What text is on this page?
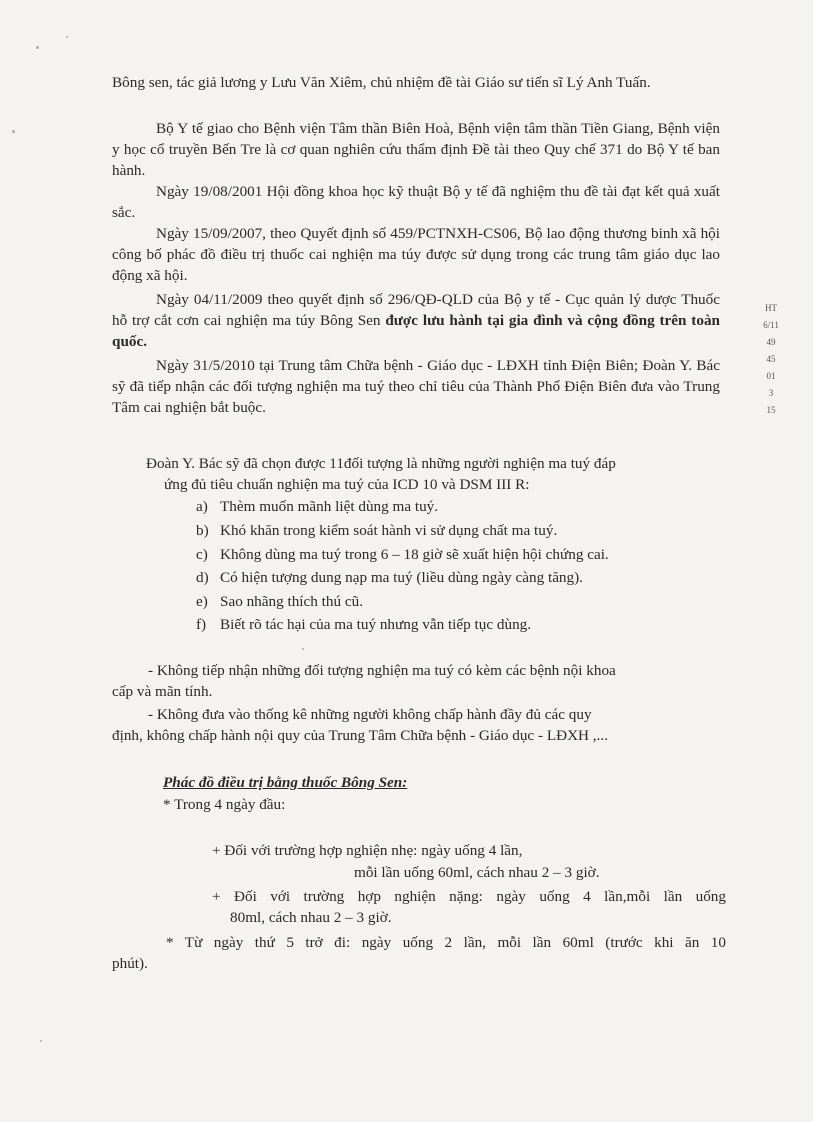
Bông sen, tác giả lương y Lưu Văn Xiêm, chủ nhiệm đề tài Giáo sư tiến sĩ Lý Anh Tuấn.

Bộ Y tế giao cho Bệnh viện Tâm thần Biên Hoà, Bệnh viện tâm thần Tiền Giang, Bệnh viện y học cổ truyền Bến Tre là cơ quan nghiên cứu thẩm định Đề tài theo Quy chế 371 do Bộ Y tế ban hành.

Ngày 19/08/2001 Hội đồng khoa học kỹ thuật Bộ y tế đã nghiệm thu đề tài đạt kết quả xuất sắc.

Ngày 15/09/2007, theo Quyết định số 459/PCTNXH-CS06, Bộ lao động thương binh xã hội công bố phác đồ điều trị thuốc cai nghiện ma túy được sử dụng trong các trung tâm giáo dục lao động xã hội.

Ngày 04/11/2009 theo quyết định số 296/QĐ-QLD của Bộ y tế - Cục quản lý dược Thuốc hỗ trợ cắt cơn cai nghiện ma túy Bông Sen được lưu hành tại gia đình và cộng đồng trên toàn quốc.

Ngày 31/5/2010 tại Trung tâm Chữa bệnh - Giáo dục - LĐXH tỉnh Điện Biên; Đoàn Y. Bác sỹ đã tiếp nhận các đối tượng nghiện ma tuý theo chỉ tiêu của Thành Phố Điện Biên đưa vào Trung Tâm cai nghiện bắt buộc.

Đoàn Y. Bác sỹ đã chọn được 11đối tượng là những người nghiện ma tuý đáp

ứng đủ tiêu chuẩn nghiện ma tuý của ICD 10 và DSM III R:

a) Thèm muốn mãnh liệt dùng ma tuý.

b) Khó khăn trong kiểm soát hành vi sử dụng chất ma tuý.

c) Không dùng ma tuý trong 6 – 18 giờ sẽ xuất hiện hội chứng cai.

d) Có hiện tượng dung nạp ma tuý (liều dùng ngày càng tăng).

e) Sao nhãng thích thú cũ.

f) Biết rõ tác hại của ma tuý nhưng vẫn tiếp tục dùng.

- Không tiếp nhận những đối tượng nghiện ma tuý có kèm các bệnh nội khoa

cấp và mãn tính.

- Không đưa vào thống kê những người không chấp hành đầy đủ các quy

định, không chấp hành nội quy của Trung Tâm Chữa bệnh - Giáo dục - LĐXH ,...

Phác đồ điều trị bằng thuốc Bông Sen:

* Trong 4 ngày đầu:

+ Đối với trường hợp nghiện nhẹ: ngày uống 4 lần,

mỗi lần uống 60ml, cách nhau 2 – 3 giờ.

+ Đối với trường hợp nghiện nặng: ngày uống 4 lần,mỗi lần uống

80ml, cách nhau 2 – 3 giờ.

* Từ ngày thứ 5 trở đi: ngày uống 2 lần, mỗi lần 60ml (trước khi ăn 10

phút).

HT
6/11
49
45
01
3
15
